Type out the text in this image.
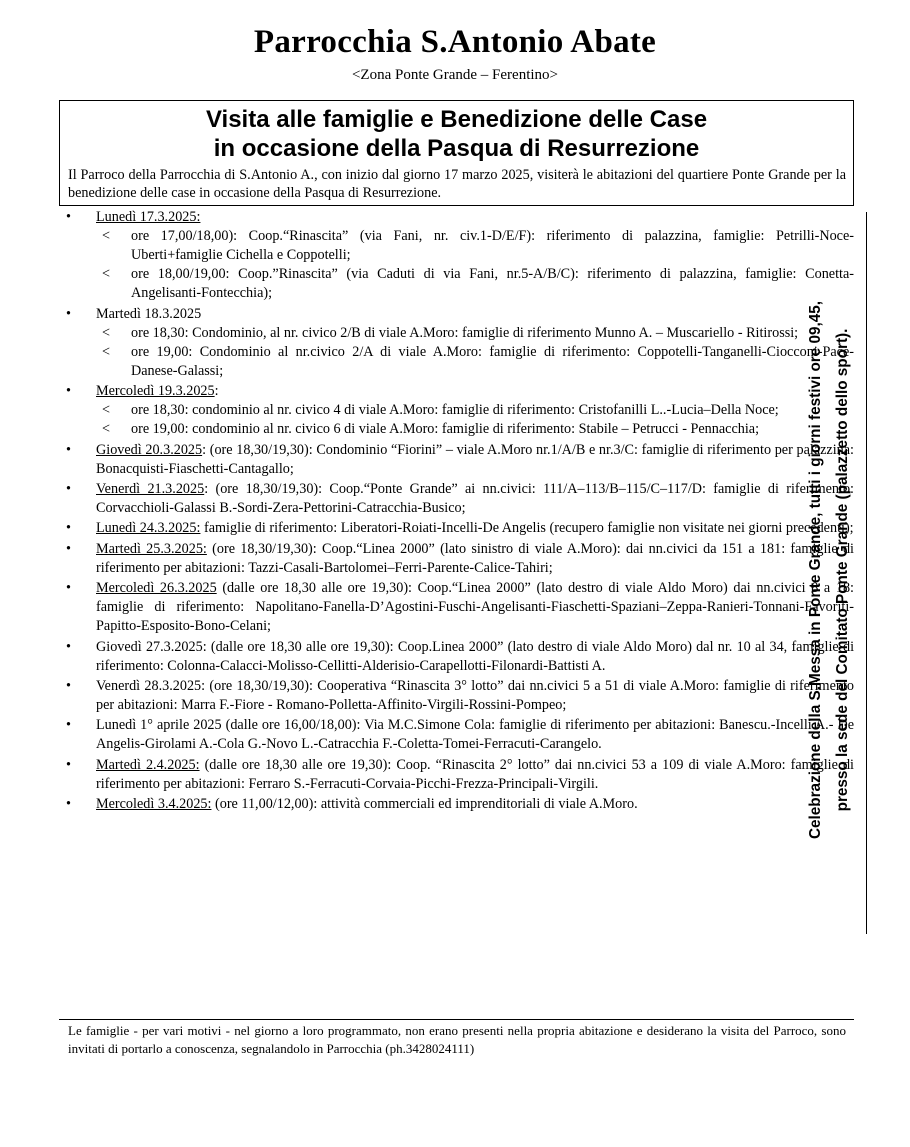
Parrocchia S.Antonio Abate
<Zona Ponte Grande – Ferentino>
Visita alle famiglie e Benedizione delle Case
in occasione della Pasqua di Resurrezione
Il Parroco della Parrocchia di S.Antonio A., con inizio dal giorno 17 marzo 2025, visiterà le abitazioni del quartiere Ponte Grande per la benedizione delle case in occasione della Pasqua di Resurrezione.
• Lunedì 17.3.2025:
< ore 17,00/18,00): Coop.“Rinascita” (via Fani, nr. civ.1-D/E/F): riferimento di palazzina, famiglie: Petrilli-Noce-Uberti+famiglie Cichella e Coppotelli;
< ore 18,00/19,00: Coop.”Rinascita” (via Caduti di via Fani, nr.5-A/B/C): riferimento di palazzina, famiglie: Conetta-Angelisanti-Fontecchia);
• Martedì 18.3.2025
< ore 18,30: Condominio, al nr. civico 2/B di viale A.Moro: famiglie di riferimento Munno A. – Muscariello - Ritirossi;
< ore 19,00: Condominio al nr.civico 2/A di viale A.Moro: famiglie di riferimento: Coppotelli-Tanganelli-Ciocconi-Pace-Danese-Galassi;
• Mercoledì 19.3.2025:
< ore 18,30: condominio al nr. civico 4 di viale A.Moro: famiglie di riferimento: Cristofanilli L..-Lucia–Della Noce;
< ore 19,00: condominio al nr. civico 6 di viale A.Moro: famiglie di riferimento: Stabile – Petrucci - Pennacchia;
• Giovedì 20.3.2025: (ore 18,30/19,30): Condominio “Fiorini” – viale A.Moro nr.1/A/B e nr.3/C: famiglie di riferimento per palazzina: Bonacquisti-Fiaschetti-Cantagallo;
• Venerdì 21.3.2025: (ore 18,30/19,30): Coop.“Ponte Grande” ai nn.civici: 111/A–113/B–115/C–117/D: famiglie di riferimento: Corvacchioli-Galassi B.-Sordi-Zera-Pettorini-Catracchia-Busico;
• Lunedì 24.3.2025: famiglie di riferimento: Liberatori-Roiati-Incelli-De Angelis (recupero famiglie non visitate nei giorni precedenti);
• Martedì 25.3.2025: (ore 18,30/19,30): Coop.“Linea 2000” (lato sinistro di viale A.Moro): dai nn.civici da 151 a 181: famiglie di riferimento per abitazioni: Tazzi-Casali-Bartolomei–Ferri-Parente-Calice-Tahiri;
• Mercoledì 26.3.2025 (dalle ore 18,30 alle ore 19,30): Coop.“Linea 2000” (lato destro di viale Aldo Moro) dai nn.civici 8 a 18: famiglie di riferimento: Napolitano-Fanella-D’Agostini-Fuschi-Angelisanti-Fiaschetti-Spaziani–Zeppa-Ranieri-Tonnani-Favoriti-Papitto-Esposito-Bono-Celani;
• Giovedì 27.3.2025: (dalle ore 18,30 alle ore 19,30): Coop.Linea 2000” (lato destro di viale Aldo Moro) dal nr. 10 al 34, famiglie di riferimento: Colonna-Calacci-Molisso-Cellitti-Alderisio-Carapellotti-Filonardi-Battisti A.
• Venerdì 28.3.2025: (ore 18,30/19,30): Cooperativa “Rinascita 3° lotto” dai nn.civici 5 a 51 di viale A.Moro: famiglie di riferimento per abitazioni: Marra F.-Fiore - Romano-Polletta-Affinito-Virgili-Rossini-Pompeo;
• Lunedì 1° aprile 2025 (dalle ore 16,00/18,00): Via M.C.Simone Cola: famiglie di riferimento per abitazioni: Banescu.-Incelli A.- De Angelis-Girolami A.-Cola G.-Novo L.-Catracchia F.-Coletta-Tomei-Ferracuti-Carangelo.
• Martedì 2.4.2025: (dalle ore 18,30 alle ore 19,30): Coop. “Rinascita 2° lotto” dai nn.civici 53 a 109 di viale A.Moro: famiglie di riferimento per abitazioni: Ferraro S.-Ferracuti-Corvaia-Picchi-Frezza-Principali-Virgili.
• Mercoledì 3.4.2025: (ore 11,00/12,00): attività commerciali ed imprenditoriali di viale A.Moro.	Celebrazione della S.Messa in Ponte Grande, tutti i giorni festivi ore 09,45, presso la sede del Comitato Ponte Grande (palazzetto dello sport).
Le famiglie - per vari motivi - nel giorno a loro programmato, non erano presenti nella propria abitazione e desiderano la visita del Parroco, sono invitati di portarlo a conoscenza, segnalandolo in Parrocchia (ph.3428024111)
